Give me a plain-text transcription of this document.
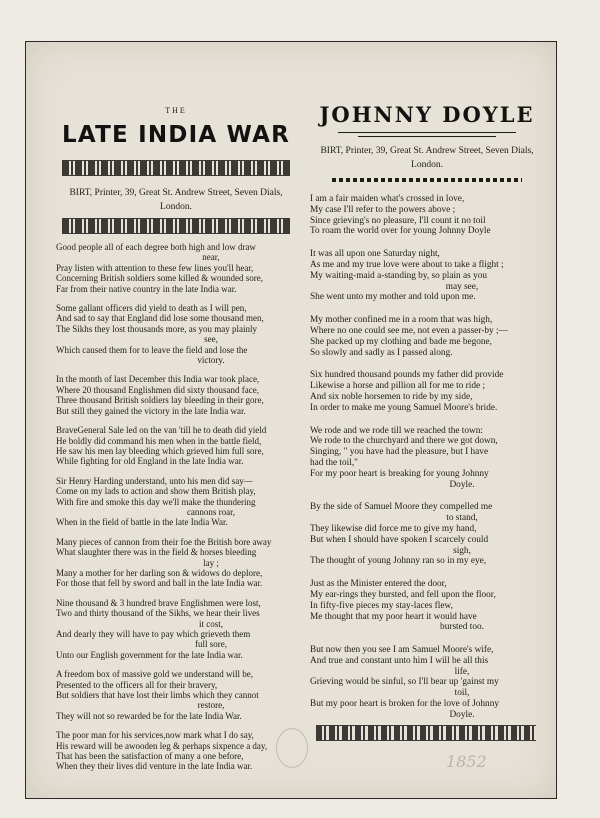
THE
LATE INDIA WAR
BIRT, Printer, 39, Great St. Andrew Street, Seven Dials, London.
Good people all of each degree both high and low draw
near,
Pray listen with attention to these few lines you'll hear,
Concerning British soldiers some killed & wounded sore,
Far from their native country in the late India war.
Some gallant officers did yield to death as I will pen,
And sad to say that England did lose some thousand men,
The Sikhs they lost thousands more, as you may plainly
see,
Which caused them for to leave the field and lose the
victory.
In the month of last December this India war took place,
Where 20 thousand Englishmen did sixty thousand face,
Three thousand British soldiers lay bleeding in their gore,
But still they gained the victory in the late India war.
BraveGeneral Sale led on the van 'till he to death did yield
He boldly did command his men when in the battle field,
He saw his men lay bleeding which grieved him full sore,
While fighting for old England in the late India war.
Sir Henry Harding understand, unto his men did say—
Come on my lads to action and show them British play,
With fire and smoke this day we'll make the thundering
cannons roar,
When in the field of battle in the late India War.
Many pieces of cannon from their foe the British bore away
What slaughter there was in the field & horses bleeding
lay ;
Many a mother for her darling son & widows do deplore,
For those that fell by sword and ball in the late India war.
Nine thousand & 3 hundred brave Englishmen were lost,
Two and thirty thousand of the Sikhs, we hear their lives
it cost,
And dearly they will have to pay which grieveth them
full sore,
Unto our English government for the late India war.
A freedom box of massive gold we understand will be,
Presented to the officers all for their bravery,
But soldiers that have lost their limbs which they cannot
restore,
They will not so rewarded be for the late India War.
The poor man for his services,now mark what I do say,
His reward will be awooden leg & perhaps sixpence a day,
That has been the satisfaction of many a one before,
When they their lives did venture in the late India war.
JOHNNY DOYLE
BIRT, Printer, 39, Great St. Andrew Street, Seven Dials, London.
I am a fair maiden what's crossed in love,
My case I'll refer to the powers above ;
Since grieving's no pleasure, I'll count it no toil
To roam the world over for young Johnny Doyle
It was all upon one Saturday night,
As me and my true love were about to take a flight ;
My waiting-maid a-standing by, so plain as you
may see,
She went unto my mother and told upon me.
My mother confined me in a room that was high,
Where no one could see me, not even a passer-by ;—
She packed up my clothing and bade me begone,
So slowly and sadly as I passed along.
Six hundred thousand pounds my father did provide
Likewise a horse and pillion all for me to ride ;
And six noble horsemen to ride by my side,
In order to make me young Samuel Moore's bride.
We rode and we rode till we reached the town:
We rode to the churchyard and there we got down,
Singing, " you have had the pleasure, but I have
had the toil,"
For my poor heart is breaking for young Johnny
Doyle.
By the side of Samuel Moore they compelled me
to stand,
They likewise did force me to give my hand,
But when I should have spoken I scarcely could
sigh,
The thought of young Johnny ran so in my eye,
Just as the Minister entered the door,
My ear-rings they bursted, and fell upon the floor,
In fifty-five pieces my stay-laces flew,
Me thought that my poor heart it would have
bursted too.
But now then you see I am Samuel Moore's wife,
And true and constant unto him I will be all this
life,
Grieving would be sinful, so I'll bear up 'gainst my
toil,
But my poor heart is broken for the love of Johnny
Doyle.
1852
